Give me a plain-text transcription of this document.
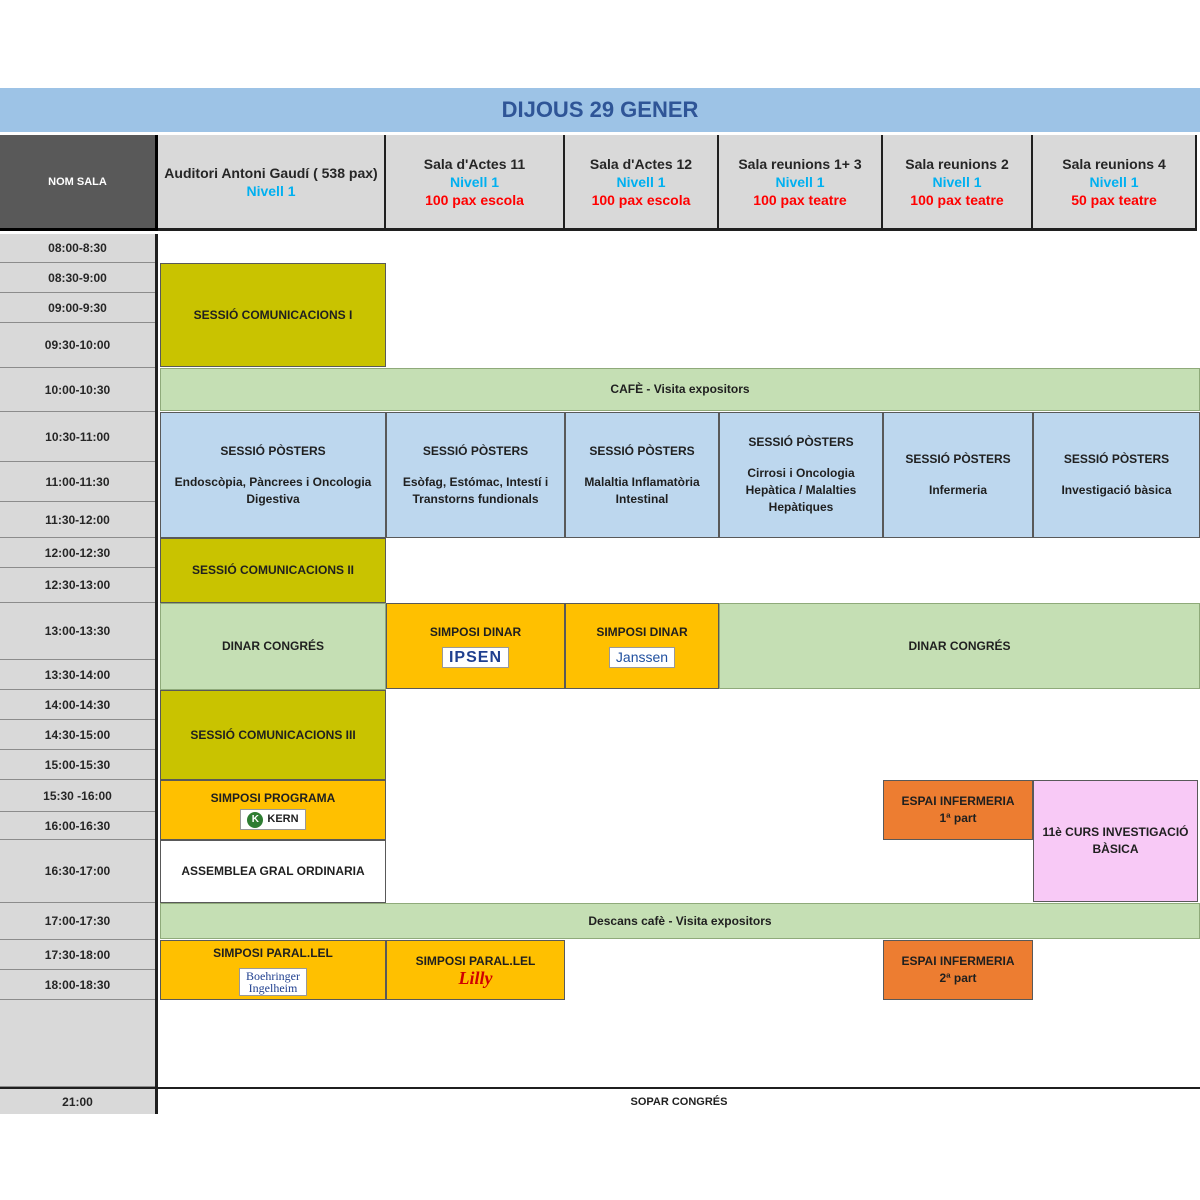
DIJOUS 29 GENER
NOM SALA
Auditori Antoni Gaudí ( 538 pax)
Nivell 1
Sala d'Actes 11
Nivell 1
100 pax escola
Sala d'Actes 12
Nivell 1
100 pax escola
Sala reunions 1+ 3
Nivell 1
100 pax teatre
Sala reunions 2
Nivell 1
100 pax teatre
Sala reunions 4
Nivell 1
50 pax teatre
08:00-8:30
08:30-9:00
09:00-9:30
09:30-10:00
10:00-10:30
10:30-11:00
11:00-11:30
11:30-12:00
12:00-12:30
12:30-13:00
13:00-13:30
13:30-14:00
14:00-14:30
14:30-15:00
15:00-15:30
15:30 -16:00
16:00-16:30
16:30-17:00
17:00-17:30
17:30-18:00
18:00-18:30
21:00
SESSIÓ COMUNICACIONS I
CAFÈ - Visita expositors
SESSIÓ PÒSTERS
Endoscòpia, Pàncrees i Oncologia Digestiva
SESSIÓ PÒSTERS
Esòfag, Estómac, Intestí i Transtorns fundionals
SESSIÓ PÒSTERS
Malaltia Inflamatòria Intestinal
SESSIÓ PÒSTERS
Cirrosi i Oncologia Hepàtica / Malalties Hepàtiques
SESSIÓ PÒSTERS
Infermeria
SESSIÓ PÒSTERS
Investigació bàsica
SESSIÓ COMUNICACIONS II
DINAR CONGRÉS
SIMPOSI DINAR
IPSEN
SIMPOSI DINAR
Janssen
DINAR CONGRÉS
SESSIÓ COMUNICACIONS III
SIMPOSI PROGRAMA
K KERN
ESPAI INFERMERIA
1ª part
11è CURS INVESTIGACIÓ BÀSICA
ASSEMBLEA GRAL ORDINARIA
Descans cafè - Visita expositors
SIMPOSI PARAL.LEL
Boehringer
Ingelheim
SIMPOSI PARAL.LEL
Lilly
ESPAI INFERMERIA
2ª part
SOPAR CONGRÉS
